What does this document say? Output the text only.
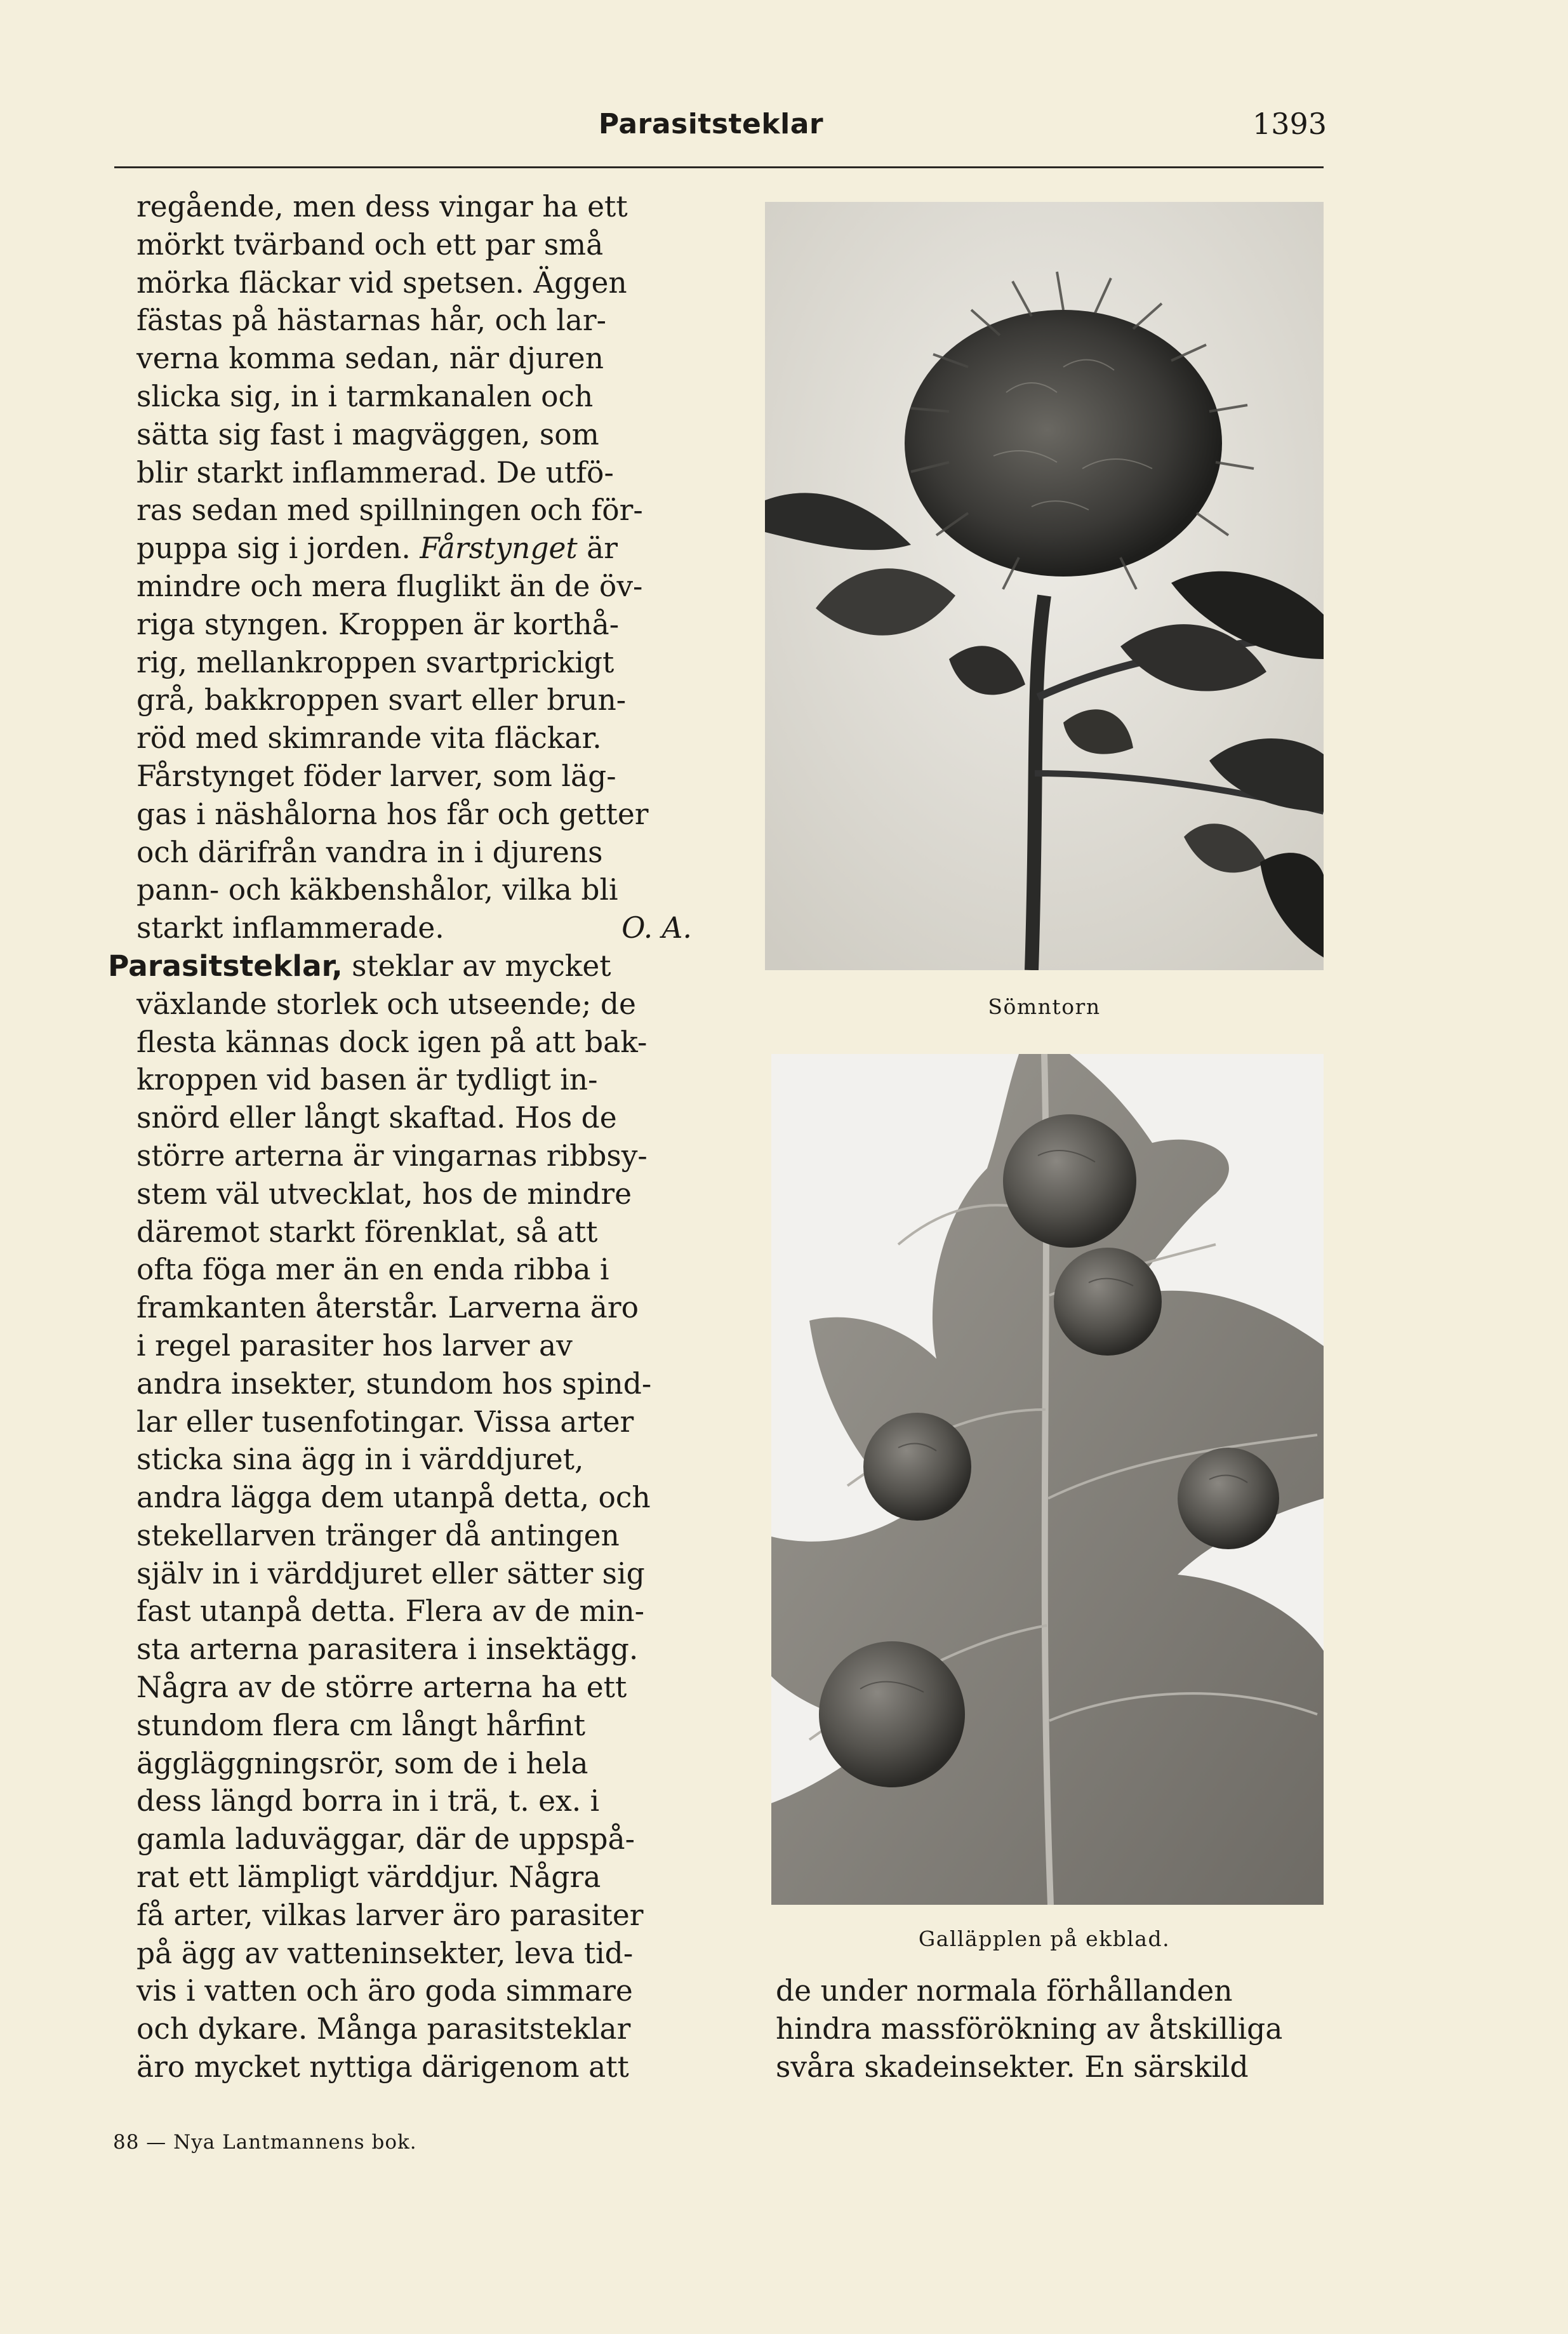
Parasitsteklar	1393

regående, men dess vingar ha ett

mörkt tvärband och ett par små

mörka fläckar vid spetsen. Äggen

fästas på hästarnas hår, och lar-

verna komma sedan, när djuren

slicka sig, in i tarmkanalen och

sätta sig fast i magväggen, som

blir starkt inflammerad. De utfö-

ras sedan med spillningen och för-

puppa sig i jorden. Fårstynget är

mindre och mera fluglikt än de öv-

riga styngen. Kroppen är korthå-

rig, mellankroppen svartprickigt

grå, bakkroppen svart eller brun-

röd med skimrande vita fläckar.

Fårstynget föder larver, som läg-

gas i näshålorna hos får och getter

och därifrån vandra in i djurens

pann- och käkbenshålor, vilka bli

starkt inflammerade.	O. A.

Parasitsteklar, steklar av mycket

växlande storlek och utseende; de

flesta kännas dock igen på att bak-

kroppen vid basen är tydligt in-

snörd eller långt skaftad. Hos de

större arterna är vingarnas ribbsy-

stem väl utvecklat, hos de mindre

däremot starkt förenklat, så att

ofta föga mer än en enda ribba i

framkanten återstår. Larverna äro

i regel parasiter hos larver av

andra insekter, stundom hos spind-

lar eller tusenfotingar. Vissa arter

sticka sina ägg in i värddjuret,

andra lägga dem utanpå detta, och

stekellarven tränger då antingen

själv in i värddjuret eller sätter sig

fast utanpå detta. Flera av de min-

sta arterna parasitera i insektägg.

Några av de större arterna ha ett

stundom flera cm långt hårfint

äggläggningsrör, som de i hela

dess längd borra in i trä, t. ex. i

gamla laduväggar, där de uppspå-

rat ett lämpligt värddjur. Några

få arter, vilkas larver äro parasiter

på ägg av vatteninsekter, leva tid-

vis i vatten och äro goda simmare

och dykare. Många parasitsteklar

äro mycket nyttiga därigenom att

Sömntorn
Galläpplen på ekblad.

de under normala förhållanden

hindra massförökning av åtskilliga

svåra skadeinsekter. En särskild

88 — Nya Lantmannens bok.
